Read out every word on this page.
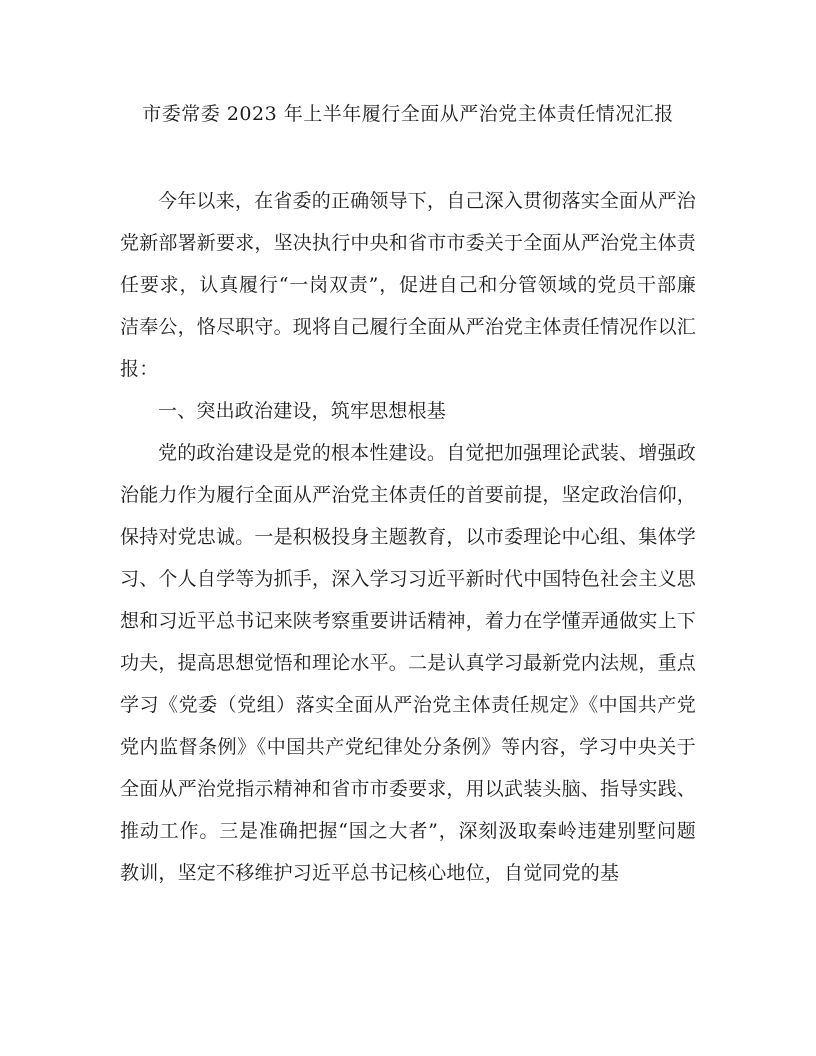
市委常委 2023 年上半年履行全面从严治党主体责任情况汇报

今年以来，在省委的正确领导下，自己深入贯彻落实全面从严治党新部署新要求，坚决执行中央和省市市委关于全面从严治党主体责任要求，认真履行“一岗双责”，促进自己和分管领域的党员干部廉洁奉公，恪尽职守。现将自己履行全面从严治党主体责任情况作以汇报：

一、突出政治建设，筑牢思想根基

党的政治建设是党的根本性建设。自觉把加强理论武装、增强政治能力作为履行全面从严治党主体责任的首要前提，坚定政治信仰，保持对党忠诚。一是积极投身主题教育，以市委理论中心组、集体学习、个人自学等为抓手，深入学习习近平新时代中国特色社会主义思想和习近平总书记来陕考察重要讲话精神，着力在学懂弄通做实上下功夫，提高思想觉悟和理论水平。二是认真学习最新党内法规，重点学习《党委（党组）落实全面从严治党主体责任规定》《中国共产党党内监督条例》《中国共产党纪律处分条例》等内容，学习中央关于全面从严治党指示精神和省市市委要求，用以武装头脑、指导实践、推动工作。三是准确把握“国之大者”，深刻汲取秦岭违建别墅问题教训，坚定不移维护习近平总书记核心地位，自觉同党的基
